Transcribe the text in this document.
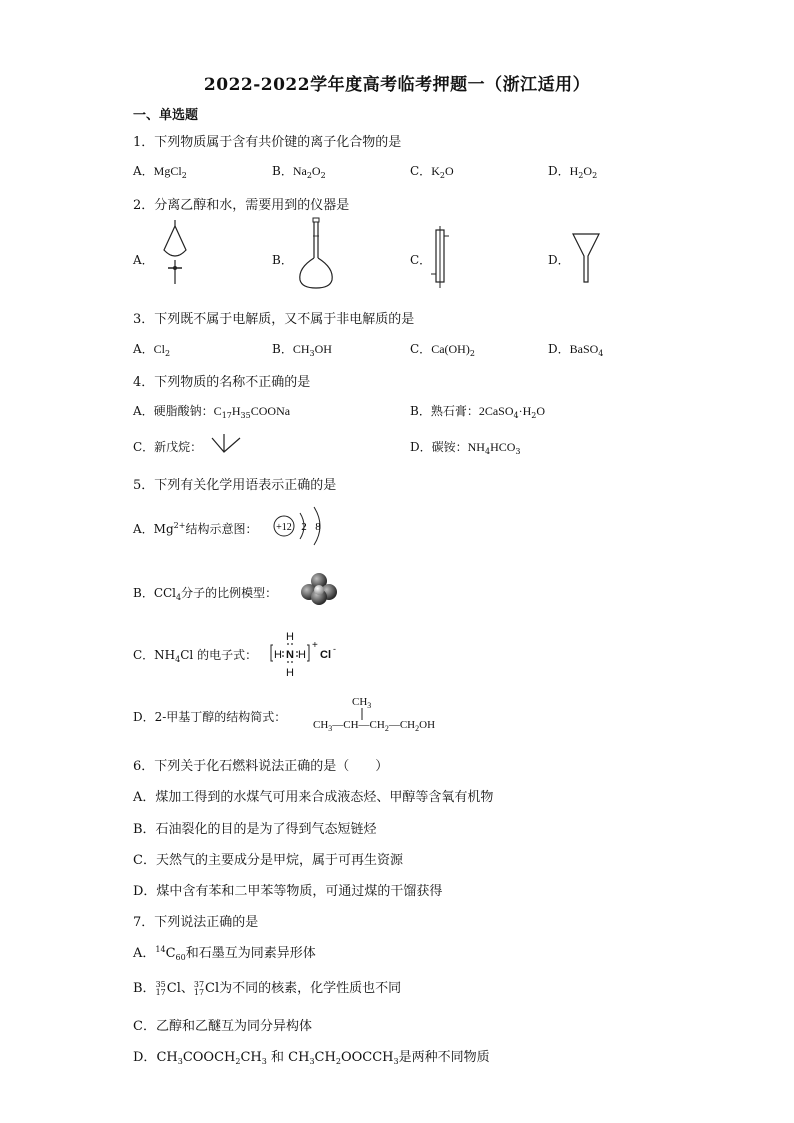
2022-2022学年度高考临考押题一（浙江适用）
一、单选题
1．下列物质属于含有共价键的离子化合物的是
A．MgCl$_2$	B．$Na_2O_2$	C．$K_2O$	D．$H_2O_2$
2．分离乙醇和水，需要用到的仪器是
A．	B．	C．	D．
3．下列既不属于电解质，又不属于非电解质的是
A．$Cl_2$	B．$CH_3OH$	C．$Ca(OH)_2$	D．BaSO$_4$
4．下列物质的名称不正确的是
A．硬脂酸钠：$C_{17}H_{35}COONa$	B．熟石膏：$2CaSO_4\cdot H_2O$
C．新戊烷：	D．碳铵：$NH_4HCO_3$
5．下列有关化学用语表示正确的是
A．$Mg^{2+}$结构示意图： +12 2 8
B．CCl$_4$分子的比例模型：
C．$NH_4Cl$ 的电子式：
H
H
H H
N
+
Cl -
D．2-甲基丁醇的结构简式：
$CH_3$
$CH_3—CH—CH_2—CH_2OH$
6．下列关于化石燃料说法正确的是（　　）
A．煤加工得到的水煤气可用来合成液态烃、甲醇等含氧有机物
B．石油裂化的目的是为了得到气态短链烃
C．天然气的主要成分是甲烷，属于可再生资源
D．煤中含有苯和二甲苯等物质，可通过煤的干馏获得
7．下列说法正确的是
A．$^{14}C_{60}$和石墨互为同素异形体
B． 35
17 Cl、 37
17 Cl为不同的核素，化学性质也不同
C．乙醇和乙醚互为同分异构体
D．$CH_3COOCH_2CH_3$ 和 $CH_3CH_2OOCCH_3$是两种不同物质
